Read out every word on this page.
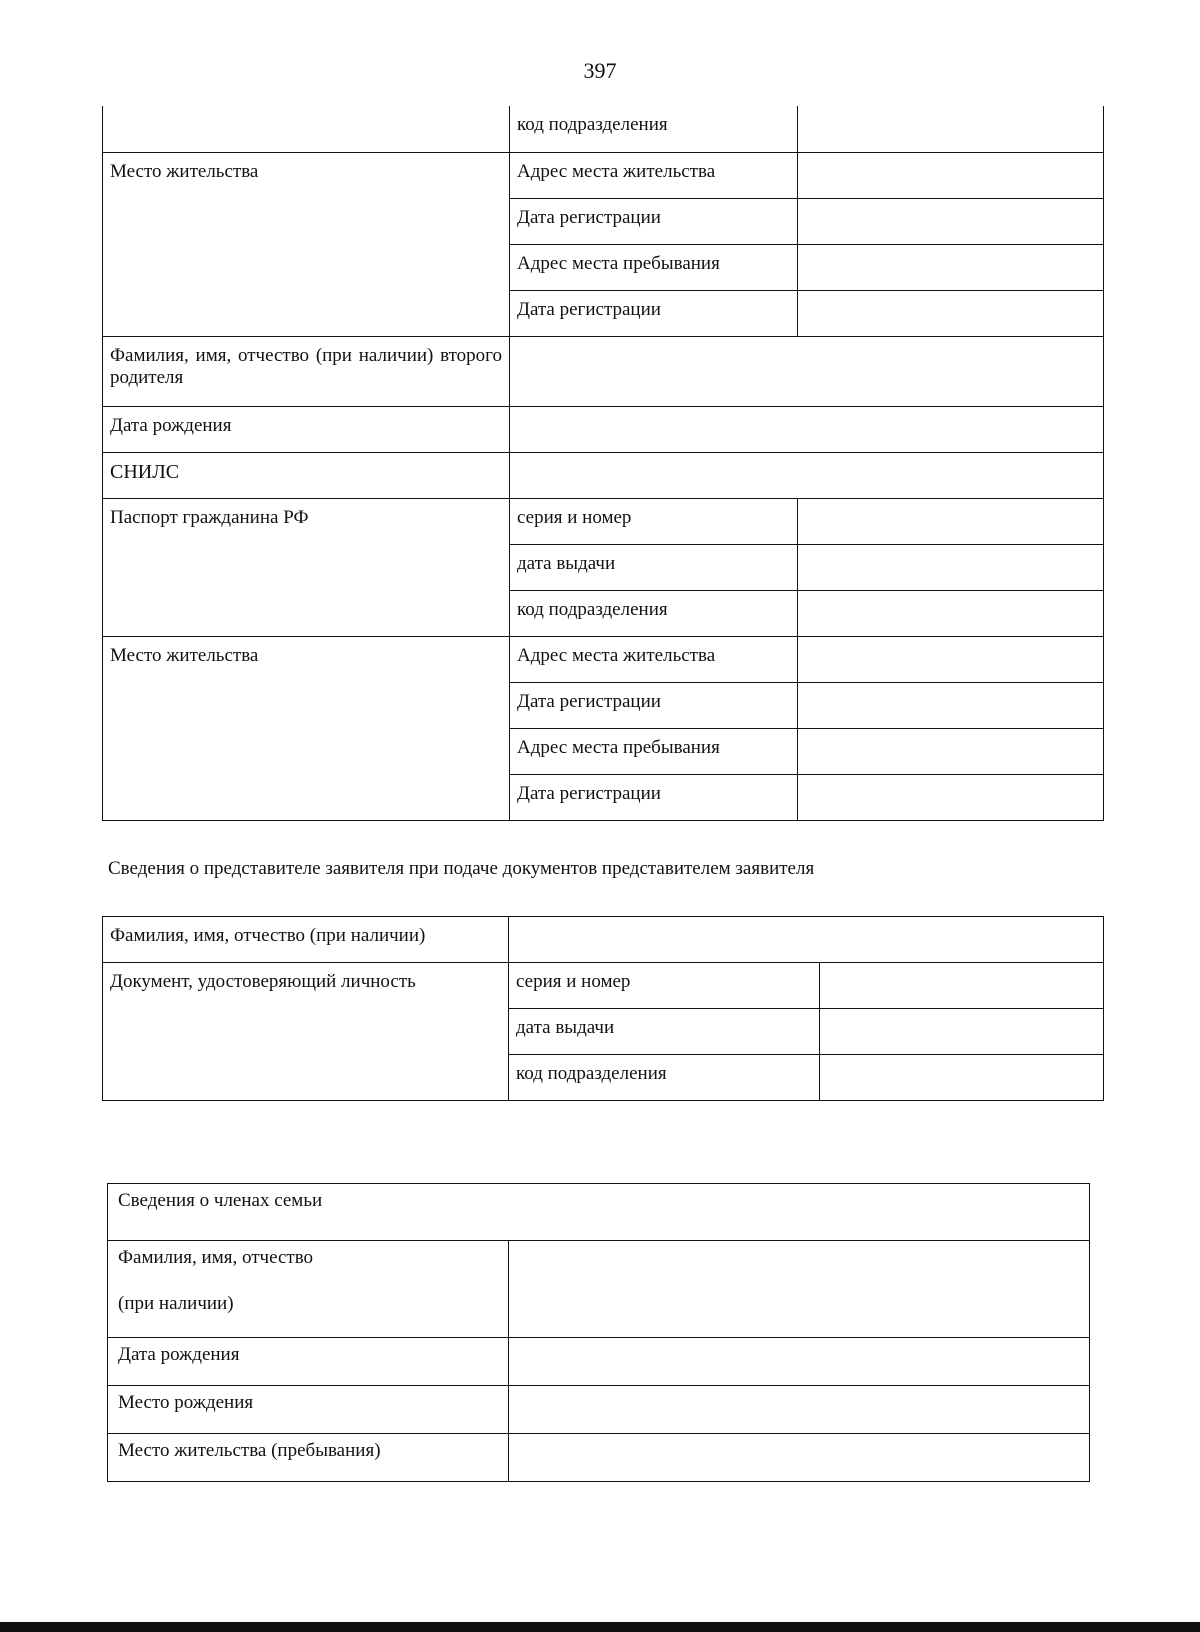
397
	код подразделения	
Место жительства	Адрес места жительства	
	Дата регистрации	
	Адрес места пребывания	
	Дата регистрации	
Фамилия, имя, отчество (при наличии) второго родителя		
Дата рождения		
СНИЛС		
Паспорт гражданина РФ	серия и номер	
	дата выдачи	
	код подразделения	
Место жительства	Адрес места жительства	
	Дата регистрации	
	Адрес места пребывания	
	Дата регистрации	
Сведения о представителе заявителя при подаче документов представителем заявителя
Фамилия, имя, отчество (при наличии)		
Документ, удостоверяющий личность	серия и номер	
	дата выдачи	
	код подразделения	
Сведения о членах семьи	

Фамилия, имя, отчество
(при наличии)	

Дата рождения	
Место рождения	
Место жительства (пребывания)	
